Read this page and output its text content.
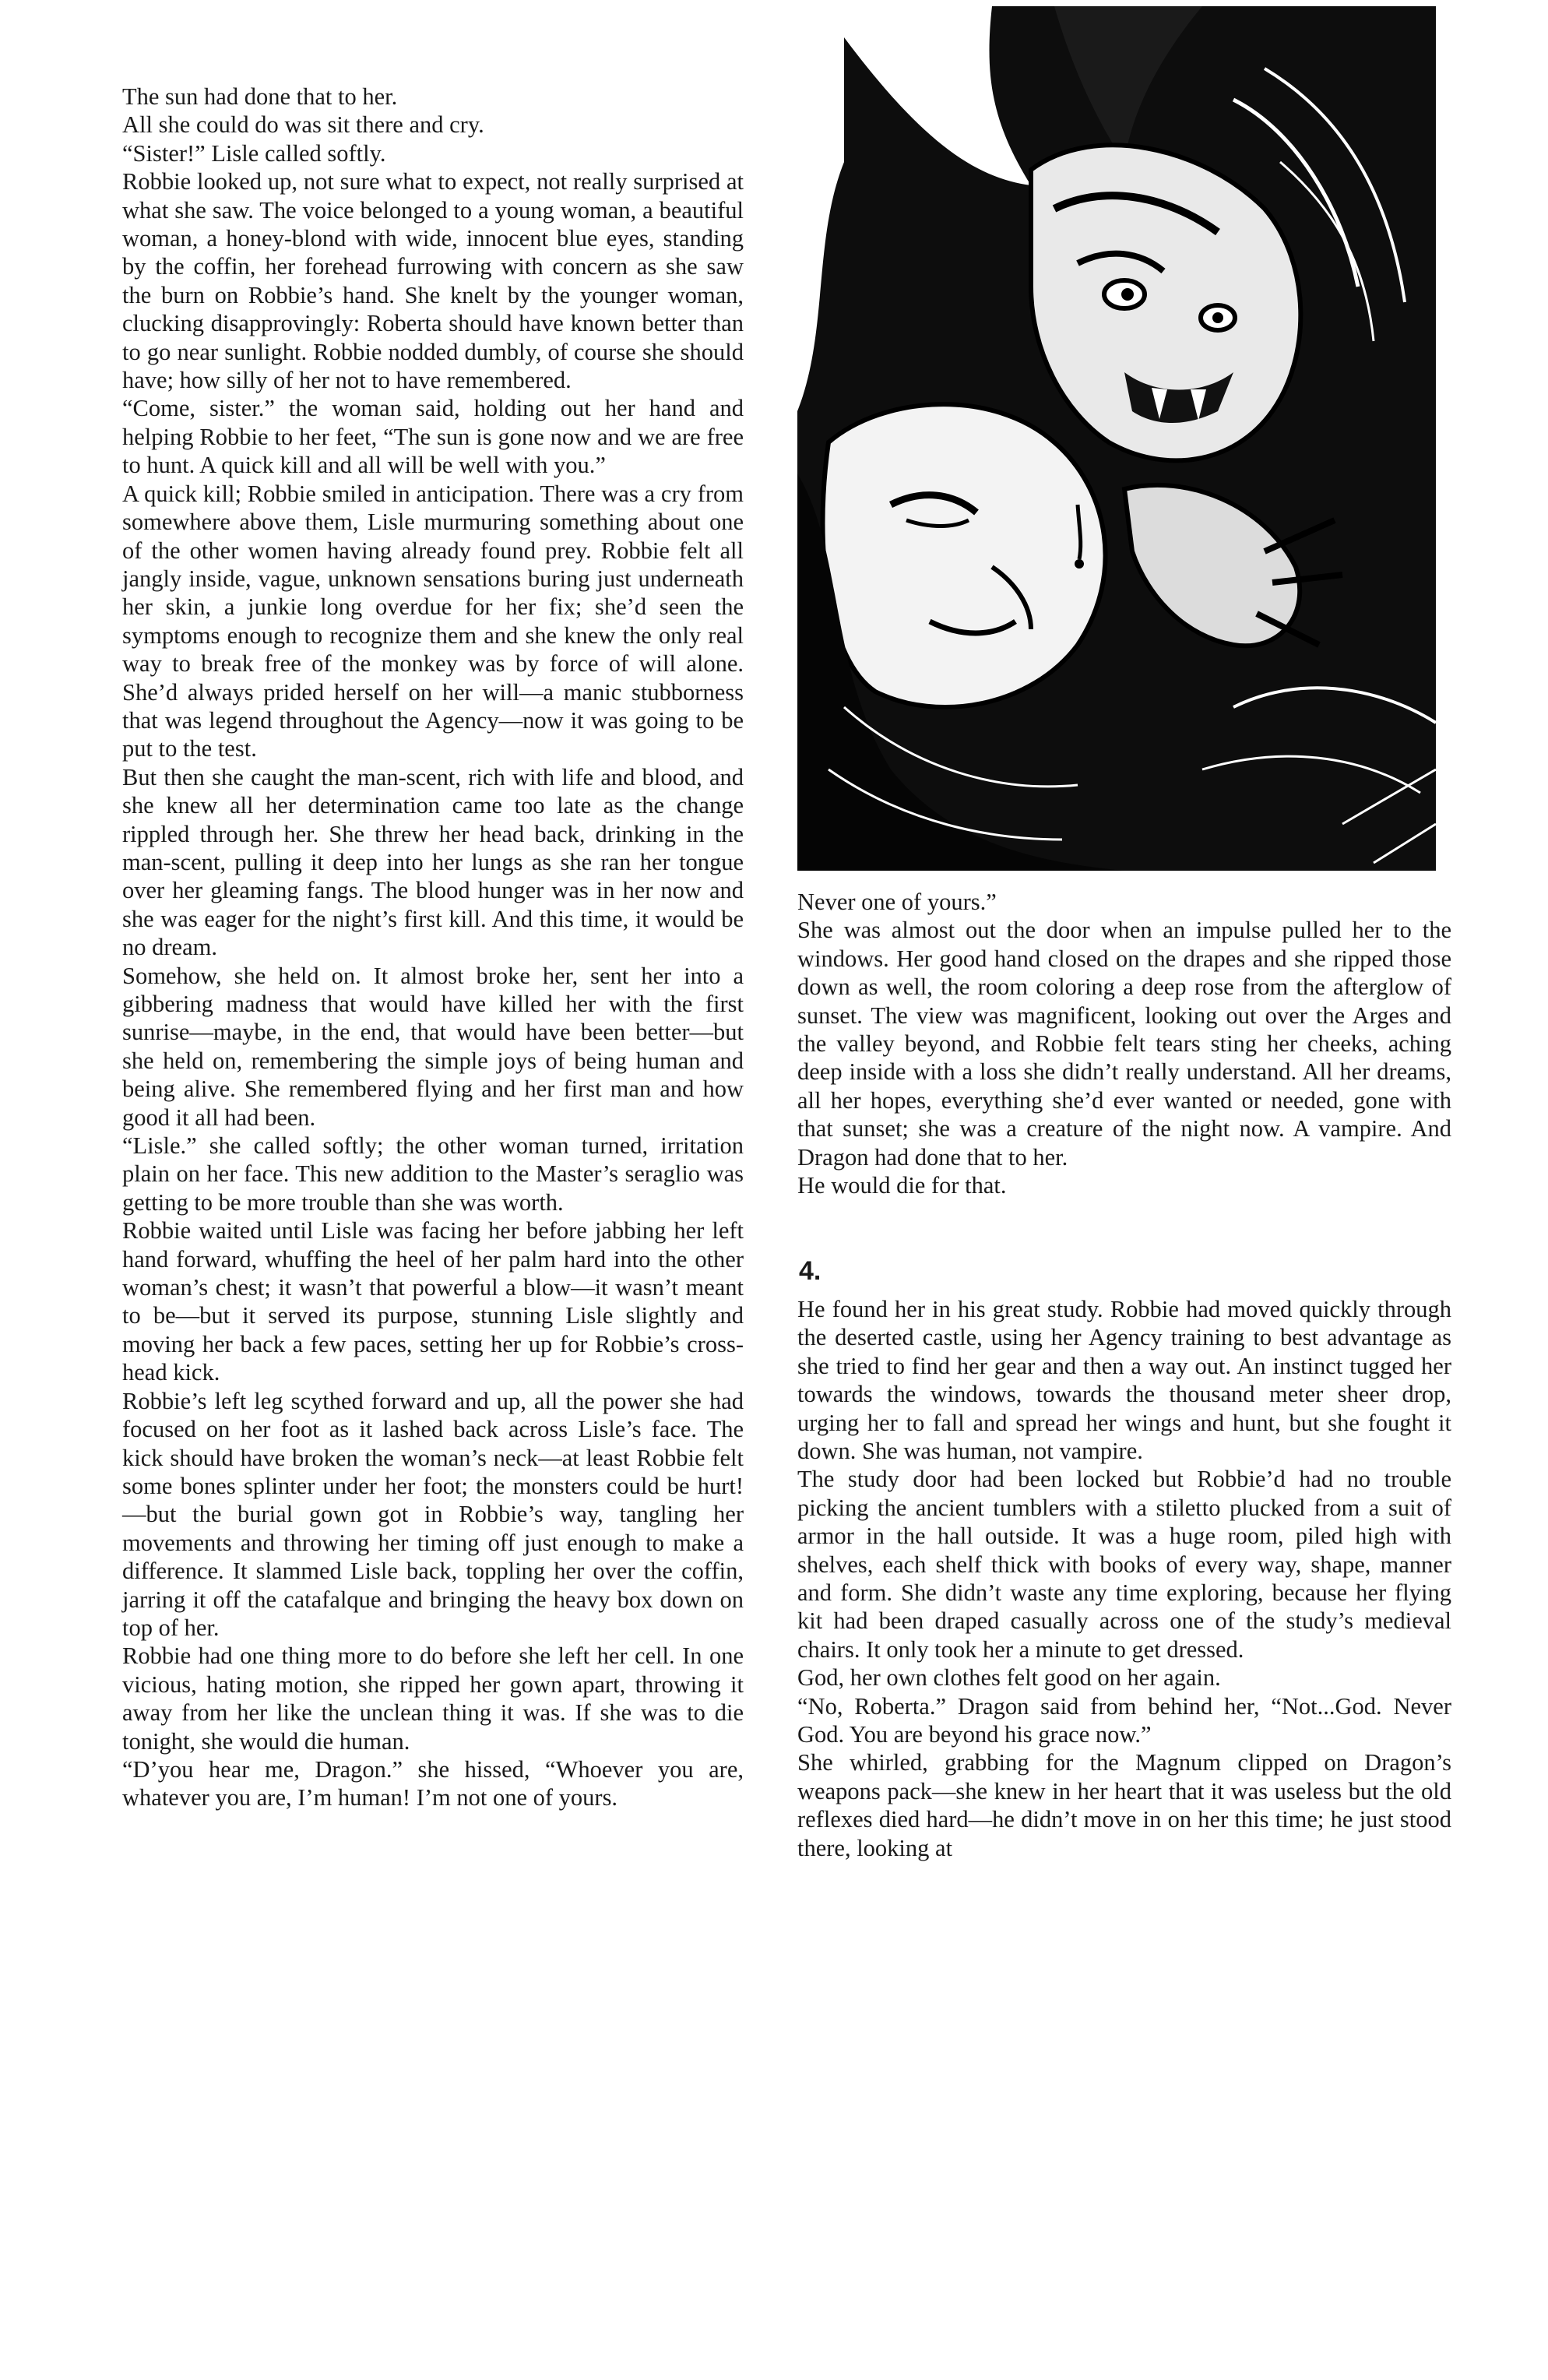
The sun had done that to her.

All she could do was sit there and cry.

“Sister!” Lisle called softly.

Robbie looked up, not sure what to expect, not really surprised at what she saw. The voice belonged to a young woman, a beautiful woman, a honey-blond with wide, innocent blue eyes, standing by the coffin, her forehead furrowing with concern as she saw the burn on Robbie’s hand. She knelt by the younger woman, clucking disapprovingly: Roberta should have known better than to go near sunlight. Robbie nodded dumbly, of course she should have; how silly of her not to have remembered.

“Come, sister.” the woman said, holding out her hand and helping Robbie to her feet, “The sun is gone now and we are free to hunt. A quick kill and all will be well with you.”

A quick kill; Robbie smiled in anticipation. There was a cry from somewhere above them, Lisle murmuring something about one of the other women having already found prey. Robbie felt all jangly inside, vague, unknown sensations buring just underneath her skin, a junkie long overdue for her fix; she’d seen the symptoms enough to recognize them and she knew the only real way to break free of the monkey was by force of will alone. She’d always prided herself on her will—a manic stubborness that was legend throughout the Agency—now it was going to be put to the test.

But then she caught the man-scent, rich with life and blood, and she knew all her determination came too late as the change rippled through her. She threw her head back, drinking in the man-scent, pulling it deep into her lungs as she ran her tongue over her gleaming fangs. The blood hunger was in her now and she was eager for the night’s first kill. And this time, it would be no dream.

Somehow, she held on. It almost broke her, sent her into a gibbering madness that would have killed her with the first sunrise—maybe, in the end, that would have been better—but she held on, remembering the simple joys of being human and being alive. She remembered flying and her first man and how good it all had been.

“Lisle.” she called softly; the other woman turned, irritation plain on her face. This new addition to the Master’s seraglio was getting to be more trouble than she was worth.

Robbie waited until Lisle was facing her before jabbing her left hand forward, whuffing the heel of her palm hard into the other woman’s chest; it wasn’t that powerful a blow—it wasn’t meant to be—but it served its purpose, stunning Lisle slightly and moving her back a few paces, setting her up for Robbie’s cross-head kick.

Robbie’s left leg scythed forward and up, all the power she had focused on her foot as it lashed back across Lisle’s face. The kick should have broken the woman’s neck—at least Robbie felt some bones splinter under her foot; the monsters could be hurt!—but the burial gown got in Robbie’s way, tangling her movements and throwing her timing off just enough to make a difference. It slammed Lisle back, toppling her over the coffin, jarring it off the catafalque and bringing the heavy box down on top of her.

Robbie had one thing more to do before she left her cell. In one vicious, hating motion, she ripped her gown apart, throwing it away from her like the unclean thing it was. If she was to die tonight, she would die human.

“D’you hear me, Dragon.” she hissed, “Whoever you are, whatever you are, I’m human! I’m not one of yours.

Never one of yours.”

She was almost out the door when an impulse pulled her to the windows. Her good hand closed on the drapes and she ripped those down as well, the room coloring a deep rose from the afterglow of sunset. The view was magnificent, looking out over the Arges and the valley beyond, and Robbie felt tears sting her cheeks, aching deep inside with a loss she didn’t really understand. All her dreams, all her hopes, everything she’d ever wanted or needed, gone with that sunset; she was a creature of the night now. A vampire. And Dragon had done that to her.

He would die for that.

4.

He found her in his great study. Robbie had moved quickly through the deserted castle, using her Agency training to best advantage as she tried to find her gear and then a way out. An instinct tugged her towards the windows, towards the thousand meter sheer drop, urging her to fall and spread her wings and hunt, but she fought it down. She was human, not vampire.

The study door had been locked but Robbie’d had no trouble picking the ancient tumblers with a stiletto plucked from a suit of armor in the hall outside. It was a huge room, piled high with shelves, each shelf thick with books of every way, shape, manner and form. She didn’t waste any time exploring, because her flying kit had been draped casually across one of the study’s medieval chairs. It only took her a minute to get dressed.

God, her own clothes felt good on her again.

“No, Roberta.” Dragon said from behind her, “Not...God. Never God. You are beyond his grace now.”

She whirled, grabbing for the Magnum clipped on Dragon’s weapons pack—she knew in her heart that it was useless but the old reflexes died hard—he didn’t move in on her this time; he just stood there, looking at
